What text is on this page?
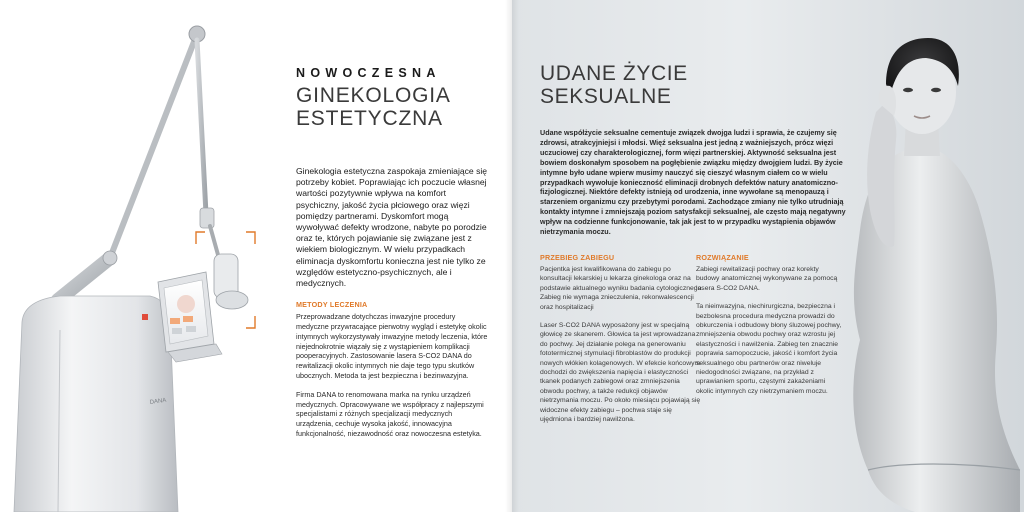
DANA

NOWOCZESNA

GINEKOLOGIA
ESTETYCZNA

Ginekologia estetyczna zaspokaja zmieniające się potrzeby kobiet. Poprawiając ich poczucie własnej wartości pozytywnie wpływa na komfort psychiczny, jakość życia płciowego oraz więzi pomiędzy partnerami. Dyskomfort mogą wywoływać defekty wrodzone, nabyte po porodzie oraz te, których pojawianie się związane jest z wiekiem biologicznym. W wielu przypadkach eliminacja dyskomfortu konieczna jest nie tylko ze względów estetyczno-psychicznych, ale i medycznych.

METODY LECZENIA

Przeprowadzane dotychczas inwazyjne procedury medyczne przywracające pierwotny wygląd i estetykę okolic intymnych wykorzystywały inwazyjne metody leczenia, które niejednokrotnie wiązały się z wystąpieniem komplikacji pooperacyjnych. Zastosowanie lasera S-CO2 DANA do rewitalizacji okolic intymnych nie daje tego typu skutków ubocznych. Metoda ta jest bezpieczna i bezinwazyjna.

Firma DANA to renomowana marka na rynku urządzeń medycznych. Opracowywane we współpracy z najlepszymi specjalistami z różnych specjalizacji medycznych urządzenia, cechuje wysoka jakość, innowacyjna funkcjonalność, niezawodność oraz nowoczesna estetyka.

UDANE ŻYCIE
SEKSUALNE

Udane współżycie seksualne cementuje związek dwojga ludzi i sprawia, że czujemy się zdrowsi, atrakcyjniejsi i młodsi. Więź seksualna jest jedną z ważniejszych, prócz więzi uczuciowej czy charakterologicznej, form więzi partnerskiej. Aktywność seksualna jest bowiem doskonałym sposobem na pogłębienie związku między dwojgiem ludzi. By życie intymne było udane wpierw musimy nauczyć się cieszyć własnym ciałem co w wielu przypadkach wywołuje konieczność eliminacji drobnych defektów natury anatomiczno-fizjologicznej. Niektóre defekty istnieją od urodzenia, inne wywołane są menopauzą i starzeniem organizmu czy przebytymi porodami. Zachodzące zmiany nie tylko utrudniają kontakty intymne i zmniejszają poziom satysfakcji seksualnej, ale często mają negatywny wpływ na codzienne funkcjonowanie, tak jak jest to w przypadku wystąpienia objawów nietrzymania moczu.

PRZEBIEG ZABIEGU

Pacjentka jest kwalifikowana do zabiegu po konsultacji lekarskiej u lekarza ginekologa oraz na podstawie aktualnego wyniku badania cytologicznego. Zabieg nie wymaga znieczulenia, rekonwalescencji oraz hospitalizacji

Laser S-CO2 DANA wyposażony jest w specjalną głowicę ze skanerem. Głowica ta jest wprowadzana do pochwy. Jej działanie polega na generowaniu fototermicznej stymulacji fibroblastów do produkcji nowych włókien kolagenowych. W efekcie końcowym dochodzi do zwiększenia napięcia i elastyczności tkanek podanych zabiegowi oraz zmniejszenia obwodu pochwy, a także redukcji objawów nietrzymania moczu. Po około miesiącu pojawiają się widoczne efekty zabiegu – pochwa staje się ujędrniona i bardziej nawilżona.

ROZWIĄZANIE

Zabiegi rewitalizacji pochwy oraz korekty budowy anatomicznej wykonywane za pomocą lasera S-CO2 DANA.

Ta nieinwazyjna, niechirurgiczna, bezpieczna i bezbolesna procedura medyczna prowadzi do obkurczenia i odbudowy błony śluzowej pochwy, zmniejszenia obwodu pochwy oraz wzrostu jej elastyczności i nawilżenia. Zabieg ten znacznie poprawia samopoczucie, jakość i komfort życia seksualnego obu partnerów oraz niweluje niedogodności związane, na przykład z uprawianiem sportu, częstymi zakażeniami okolic intymnych czy nietrzymaniem moczu.
